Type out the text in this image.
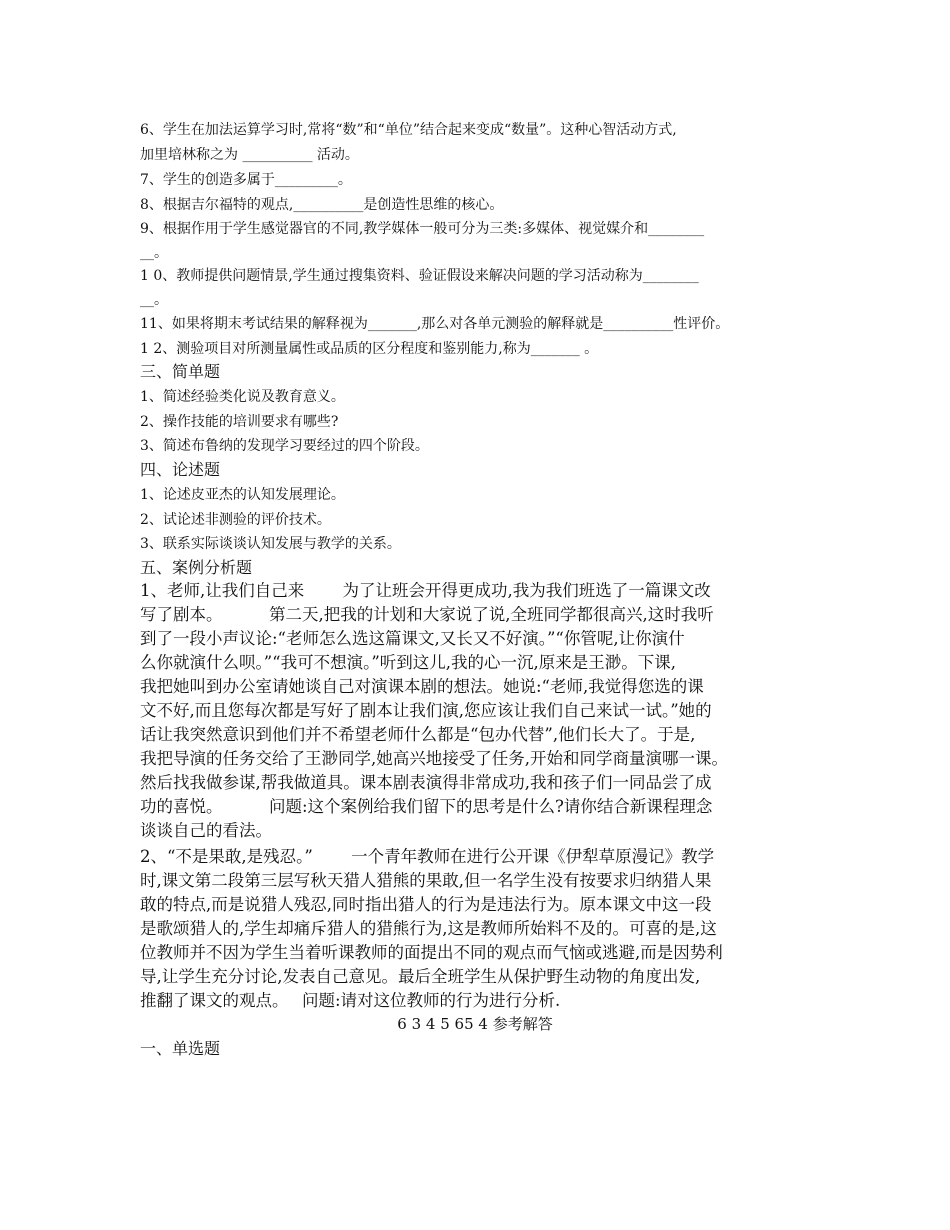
6、学生在加法运算学习时,常将“数”和“单位”结合起来变成“数量”。这种心智活动方式,
加里培林称之为 __________ 活动。
7、学生的创造多属于_________。
8、根据吉尔福特的观点,__________是创造性思维的核心。
9、根据作用于学生感觉器官的不同,教学媒体一般可分为三类:多媒体、视觉媒介和________
__。
1 0、教师提供问题情景,学生通过搜集资料、验证假设来解决问题的学习活动称为________
__。
11、如果将期末考试结果的解释视为_______,那么对各单元测验的解释就是__________性评价。
1 2、测验项目对所测量属性或品质的区分程度和鉴别能力,称为_______ 。
三、简单题
1、简述经验类化说及教育意义。
2、操作技能的培训要求有哪些?
3、简述布鲁纳的发现学习要经过的四个阶段。
四、论述题
1、论述皮亚杰的认知发展理论。
2、试论述非测验的评价技术。
3、联系实际谈谈认知发展与教学的关系。
五、案例分析题
1、老师,让我们自己来　　 为了让班会开得更成功,我为我们班选了一篇课文改
写了剧本。　　　 第二天,把我的计划和大家说了说,全班同学都很高兴,这时我听
到了一段小声议论:“老师怎么选这篇课文,又长又不好演。”“你管呢,让你演什
么你就演什么呗。”“我可不想演。”听到这儿,我的心一沉,原来是王渺。下课,
我把她叫到办公室请她谈自己对演课本剧的想法。她说:“老师,我觉得您选的课
文不好,而且您每次都是写好了剧本让我们演,您应该让我们自己来试一试。”她的
话让我突然意识到他们并不希望老师什么都是“包办代替”,他们长大了。于是,
我把导演的任务交给了王渺同学,她高兴地接受了任务,开始和同学商量演哪一课。
然后找我做参谋,帮我做道具。课本剧表演得非常成功,我和孩子们一同品尝了成
功的喜悦。　　　 问题:这个案例给我们留下的思考是什么?请你结合新课程理念
谈谈自己的看法。
2、“不是果敢,是残忍。”　　 一个青年教师在进行公开课《伊犁草原漫记》教学
时,课文第二段第三层写秋天猎人猎熊的果敢,但一名学生没有按要求归纳猎人果
敢的特点,而是说猎人残忍,同时指出猎人的行为是违法行为。原本课文中这一段
是歌颂猎人的,学生却痛斥猎人的猎熊行为,这是教师所始料不及的。可喜的是,这
位教师并不因为学生当着听课教师的面提出不同的观点而气恼或逃避,而是因势利
导,让学生充分讨论,发表自己意见。最后全班学生从保护野生动物的角度出发,
推翻了课文的观点。　 问题:请对这位教师的行为进行分析.
6 3 4 5 65 4 参考解答
一、单选题
